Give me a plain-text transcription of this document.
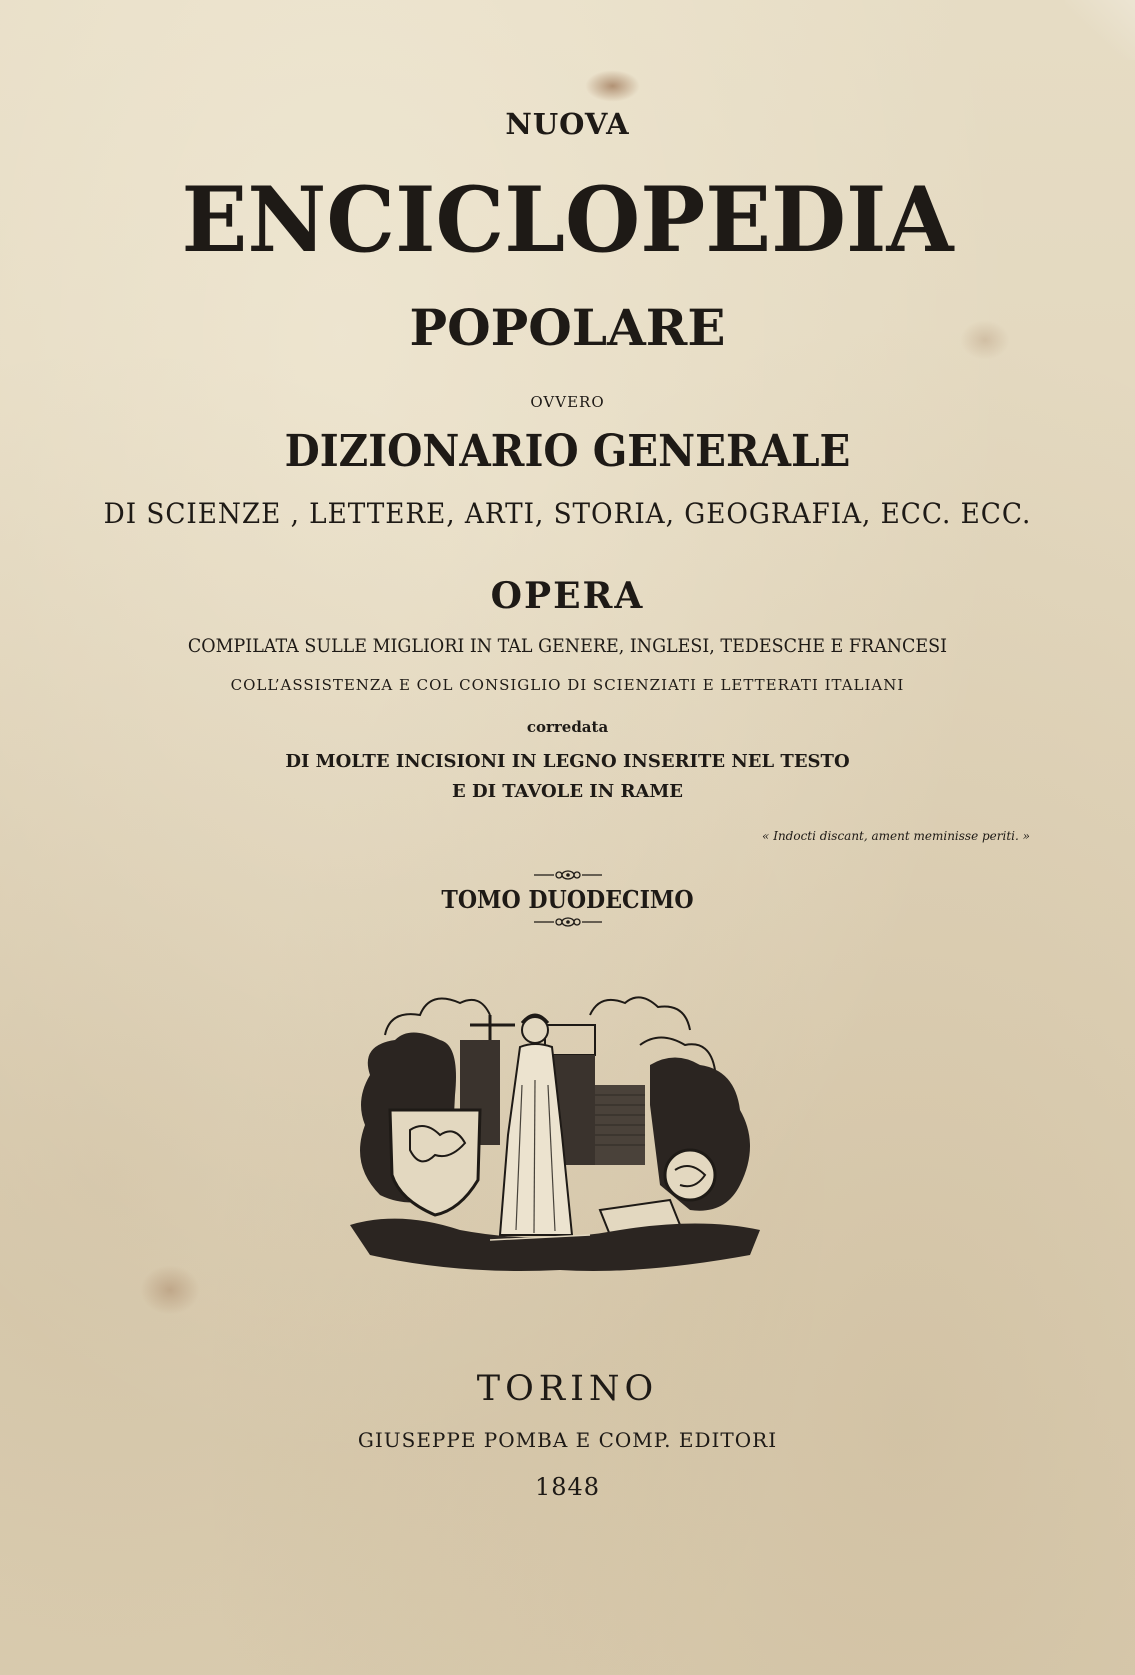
NUOVA

ENCICLOPEDIA

POPOLARE

OVVERO

DIZIONARIO GENERALE

DI SCIENZE , LETTERE, ARTI, STORIA, GEOGRAFIA, ECC. ECC.

OPERA

COMPILATA SULLE MIGLIORI IN TAL GENERE, INGLESI, TEDESCHE E FRANCESI

COLL’ASSISTENZA E COL CONSIGLIO DI SCIENZIATI E LETTERATI ITALIANI

corredata

DI MOLTE INCISIONI IN LEGNO INSERITE NEL TESTO

E DI TAVOLE IN RAME

« Indocti discant, ament meminisse periti. »

TOMO DUODECIMO

TORINO

GIUSEPPE POMBA E COMP. EDITORI

1848
